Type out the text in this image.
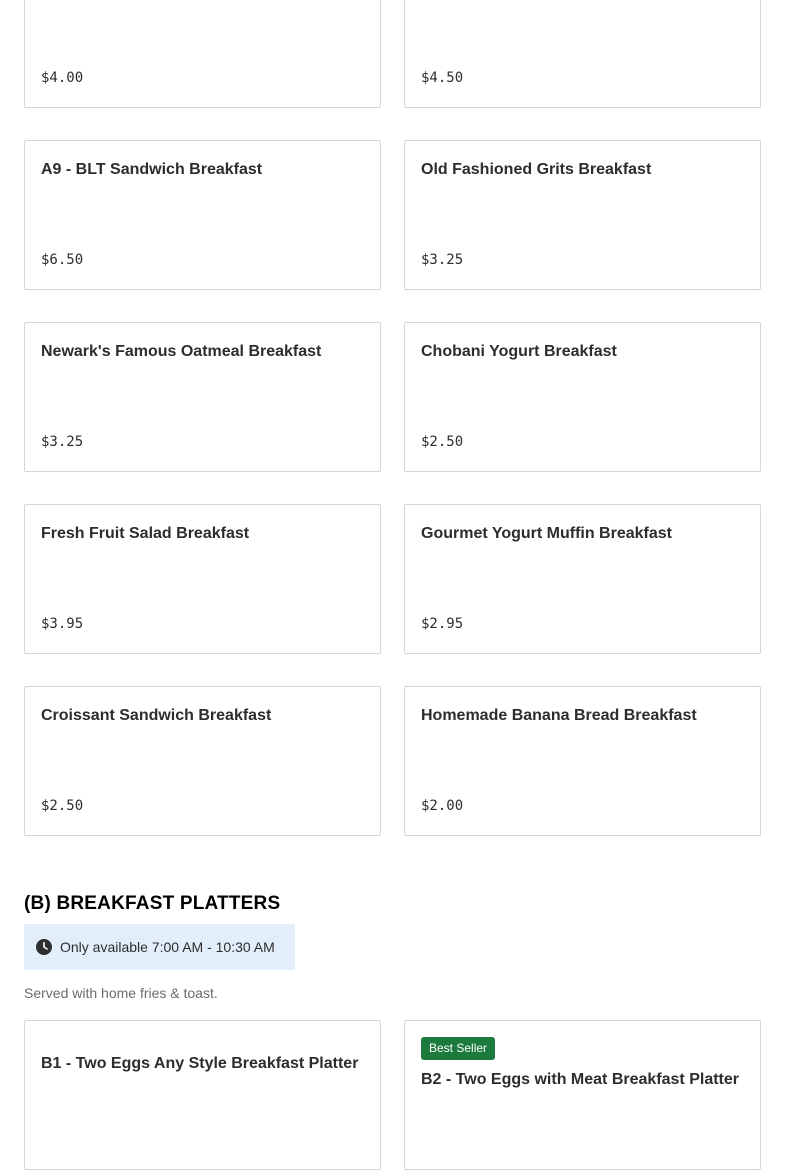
$4.00	$4.50
A9 - BLT Sandwich Breakfast
$6.50
Old Fashioned Grits Breakfast
$3.25
Newark's Famous Oatmeal Breakfast
$3.25
Chobani Yogurt Breakfast
$2.50
Fresh Fruit Salad Breakfast
$3.95
Gourmet Yogurt Muffin Breakfast
$2.95
Croissant Sandwich Breakfast
$2.50
Homemade Banana Bread Breakfast
$2.00
(B) BREAKFAST PLATTERS
Only available 7:00 AM - 10:30 AM
Served with home fries & toast.
B1 - Two Eggs Any Style Breakfast Platter
Best Seller
B2 - Two Eggs with Meat Breakfast Platter
